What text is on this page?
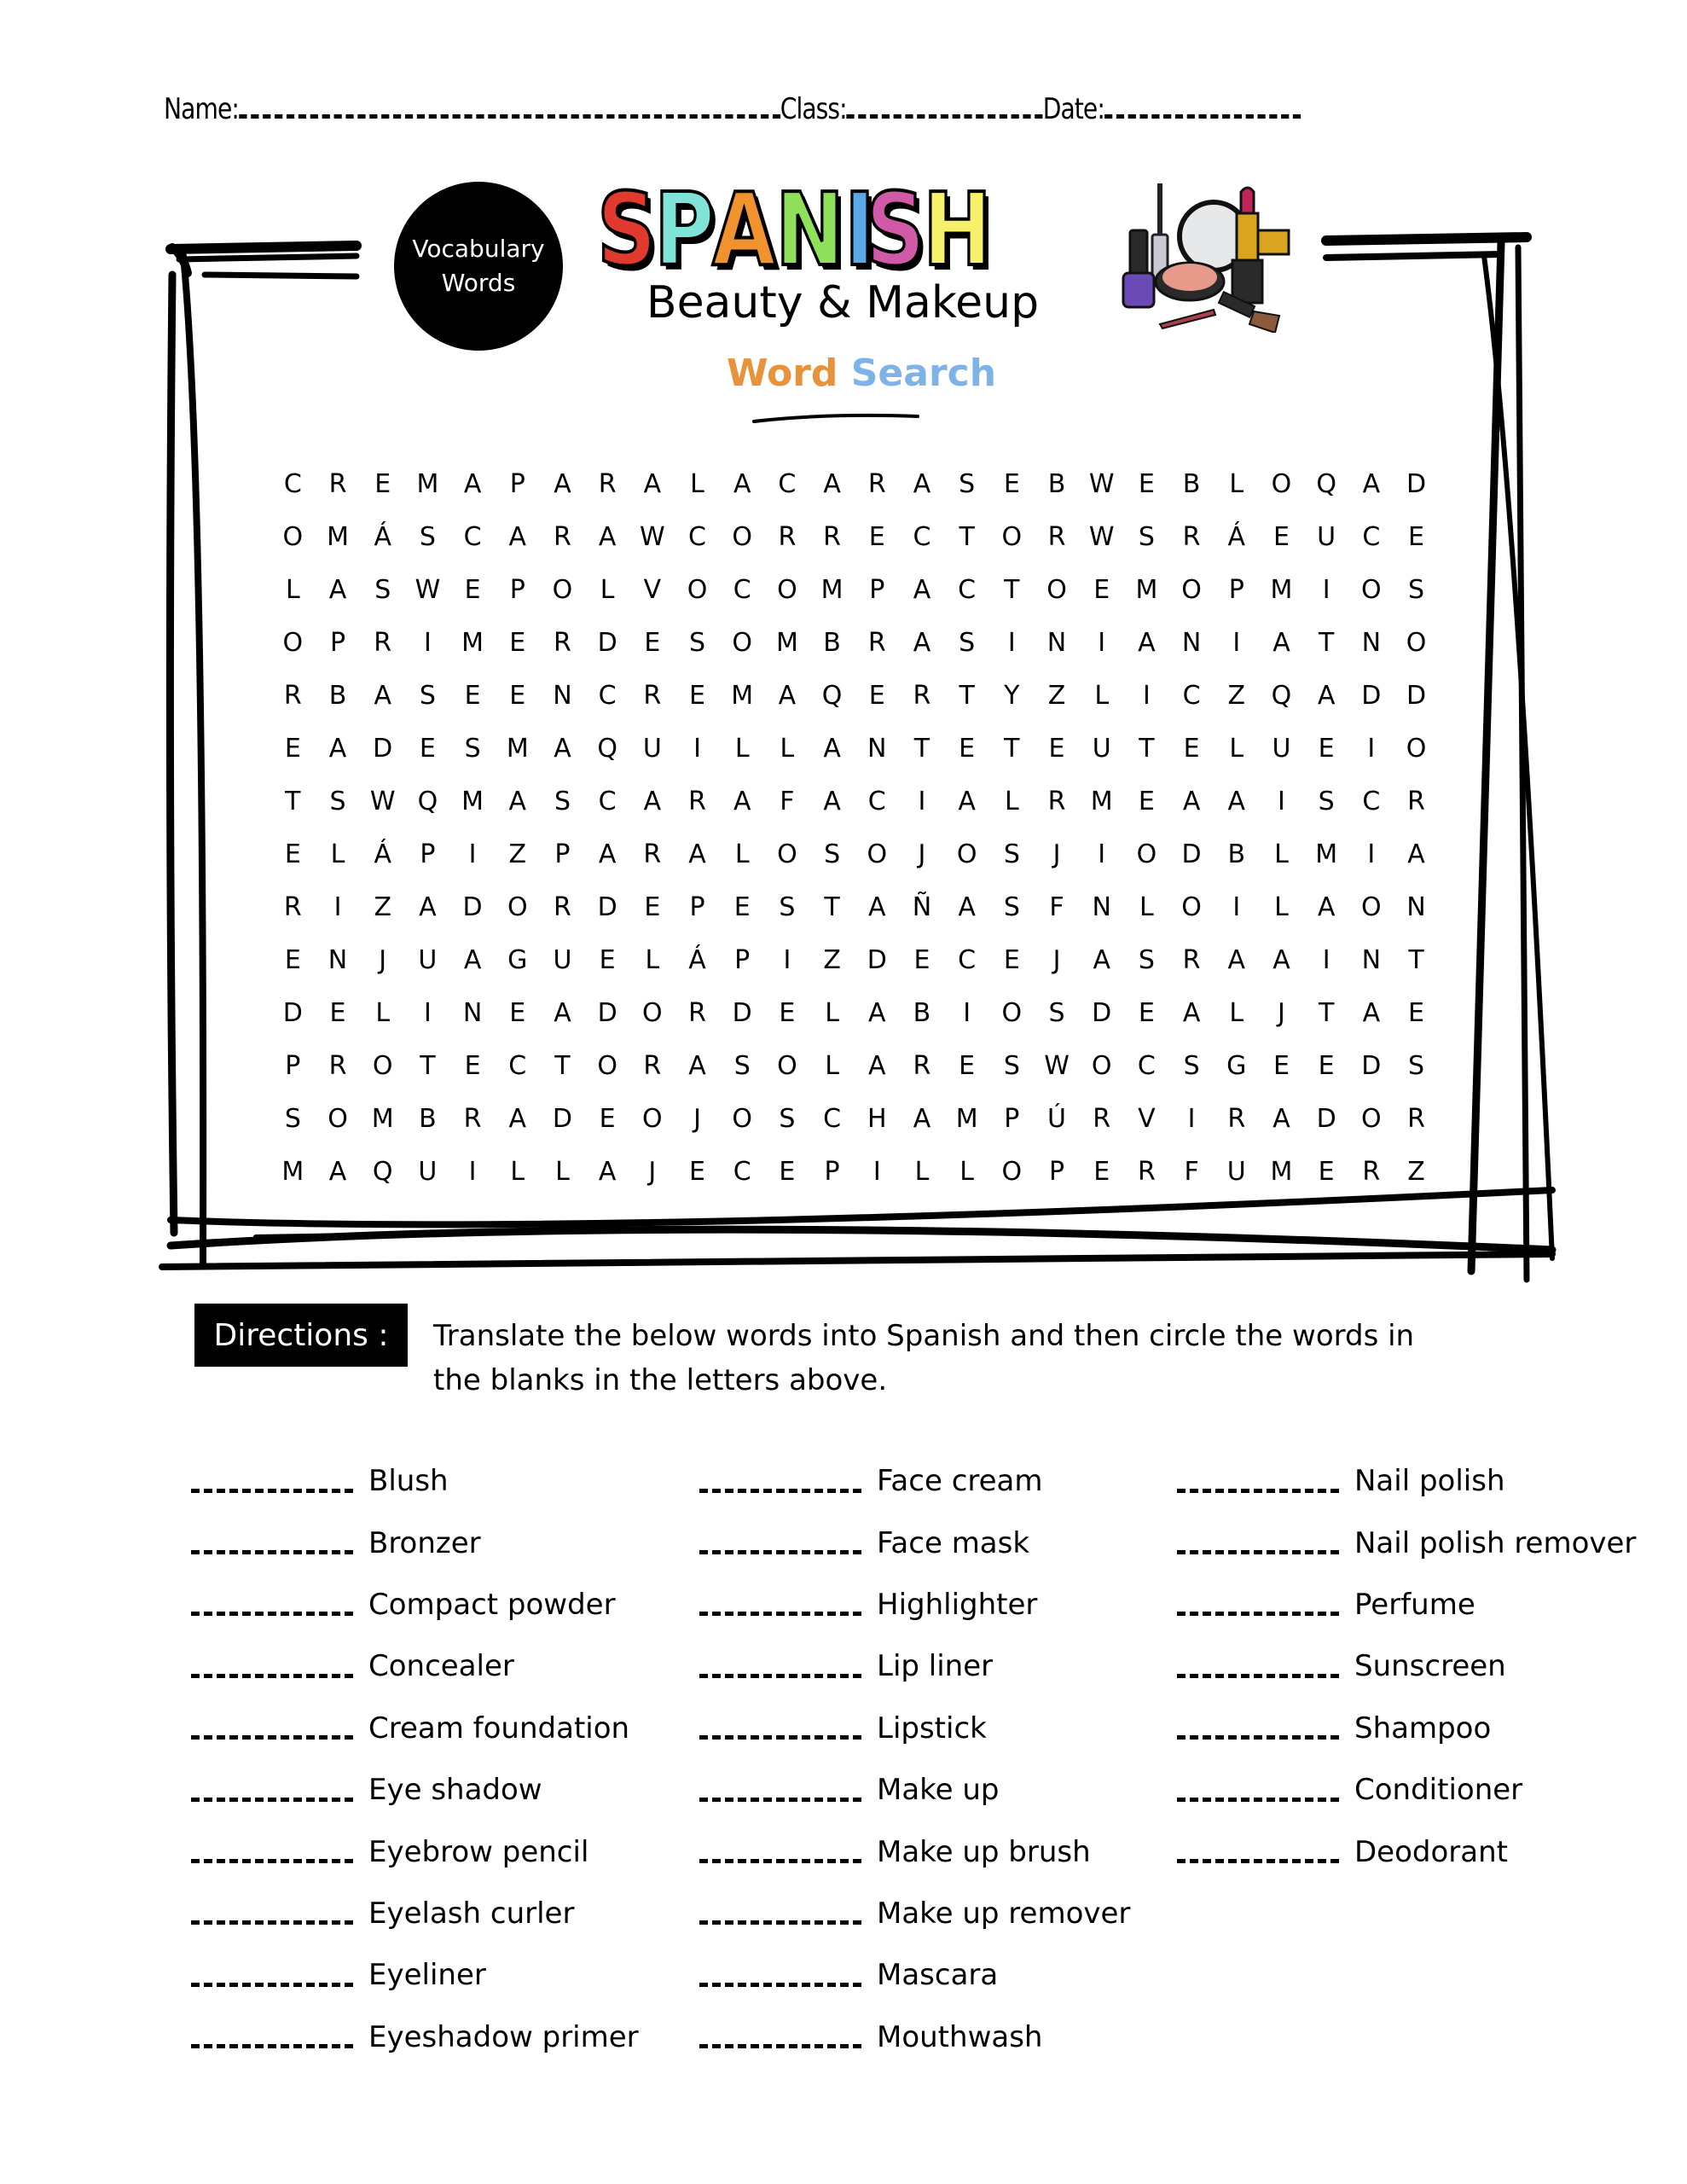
Name:	Class:	Date:
Vocabulary
Words S P A N I
S H
Beauty & Makeup
Word Search
C	R	E	M A	P	A	R	A	L	A	C	A	R	A	S	E	B W E	B	L	O Q	A	D
O M Á	S	C	A	R	A W C	O	R	R	E	C	T	O	R W S	R	Á	E	U	C	E
L	A	S W E	P	O	L	V	O	C	O M	P	A	C	T	O	E	M O	P	M	I	O	S
O	P	R	I	M	E	R	D	E	S	O M B	R	A	S	I	N	I	A	N	I	A	T	N O
R	B	A	S	E	E	N	C	R	E	M A	Q	E	R	T	Y	Z	L	I	C	Z	Q	A	D D
E	A	D	E	S	M A	Q U	I	L	L	A	N	T	E	T	E	U	T	E	L	U	E	I	O
T	S W Q M A	S	C	A	R	A	F	A	C	I	A	L	R M	E	A	A	I	S	C	R
E	L	Á	P	I	Z	P	A	R	A	L	O	S	O	J	O	S	J	I	O D	B	L	M	I	A
R	I	Z	A	D O	R	D	E	P	E	S	T	A	Ñ	A	S	F	N	L	O	I	L	A	O N
E	N	J	U	A	G	U	E	L	Á	P	I	Z	D	E	C	E	J	A	S	R	A	A	I	N	T
D	E	L	I	N	E	A	D O	R	D	E	L	A	B	I	O	S	D	E	A	L	J	T	A	E
P	R	O	T	E	C	T	O	R	A	S	O	L	A	R	E	S W O	C	S	G	E	E	D	S
S	O M B	R	A	D	E	O	J	O	S	C	H	A M	P	Ú	R	V	I	R	A	D O	R
M A	Q U	I	L	L	A	J	E	C	E	P	I	L	L	O	P	E	R	F	U M	E	R	Z
Directions :	Translate the below words into Spanish and then circle the words in the blanks in the letters above.
Blush
Bronzer
Compact powder
Concealer
Cream foundation
Eye shadow
Eyebrow pencil
Eyelash curler
Eyeliner
Eyeshadow primer
Face cream
Face mask
Highlighter
Lip liner
Lipstick
Make up
Make up brush
Make up remover
Mascara
Mouthwash
Nail polish
Nail polish remover
Perfume
Sunscreen
Shampoo
Conditioner
Deodorant
